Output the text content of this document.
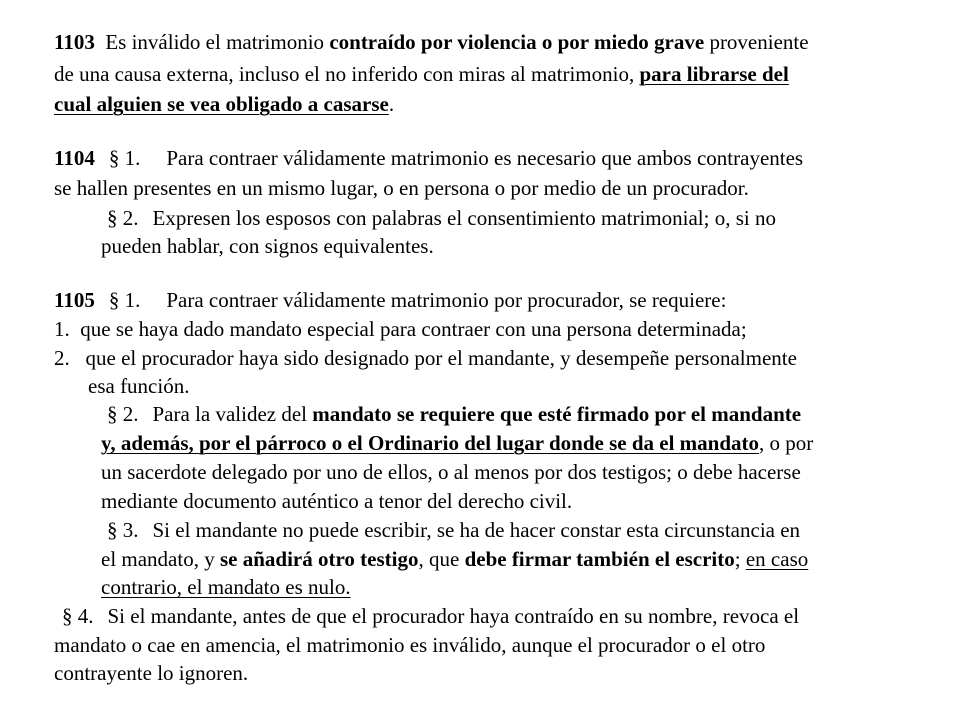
1103 Es inválido el matrimonio contraído por violencia o por miedo grave proveniente
de una causa externa, incluso el no inferido con miras al matrimonio, para librarse del
cual alguien se vea obligado a casarse.
1104 § 1. Para contraer válidamente matrimonio es necesario que ambos contrayentes
se hallen presentes en un mismo lugar, o en persona o por medio de un procurador.
§ 2. Expresen los esposos con palabras el consentimiento matrimonial; o, si no
pueden hablar, con signos equivalentes.
1105 § 1. Para contraer válidamente matrimonio por procurador, se requiere:
1. que se haya dado mandato especial para contraer con una persona determinada;
2. que el procurador haya sido designado por el mandante, y desempeñe personalmente
esa función.
§ 2. Para la validez del mandato se requiere que esté firmado por el mandante
y, además, por el párroco o el Ordinario del lugar donde se da el mandato, o por
un sacerdote delegado por uno de ellos, o al menos por dos testigos; o debe hacerse
mediante documento auténtico a tenor del derecho civil.
§ 3. Si el mandante no puede escribir, se ha de hacer constar esta circunstancia en
el mandato, y se añadirá otro testigo, que debe firmar también el escrito; en caso
contrario, el mandato es nulo.
§ 4. Si el mandante, antes de que el procurador haya contraído en su nombre, revoca el
mandato o cae en amencia, el matrimonio es inválido, aunque el procurador o el otro
contrayente lo ignoren.
